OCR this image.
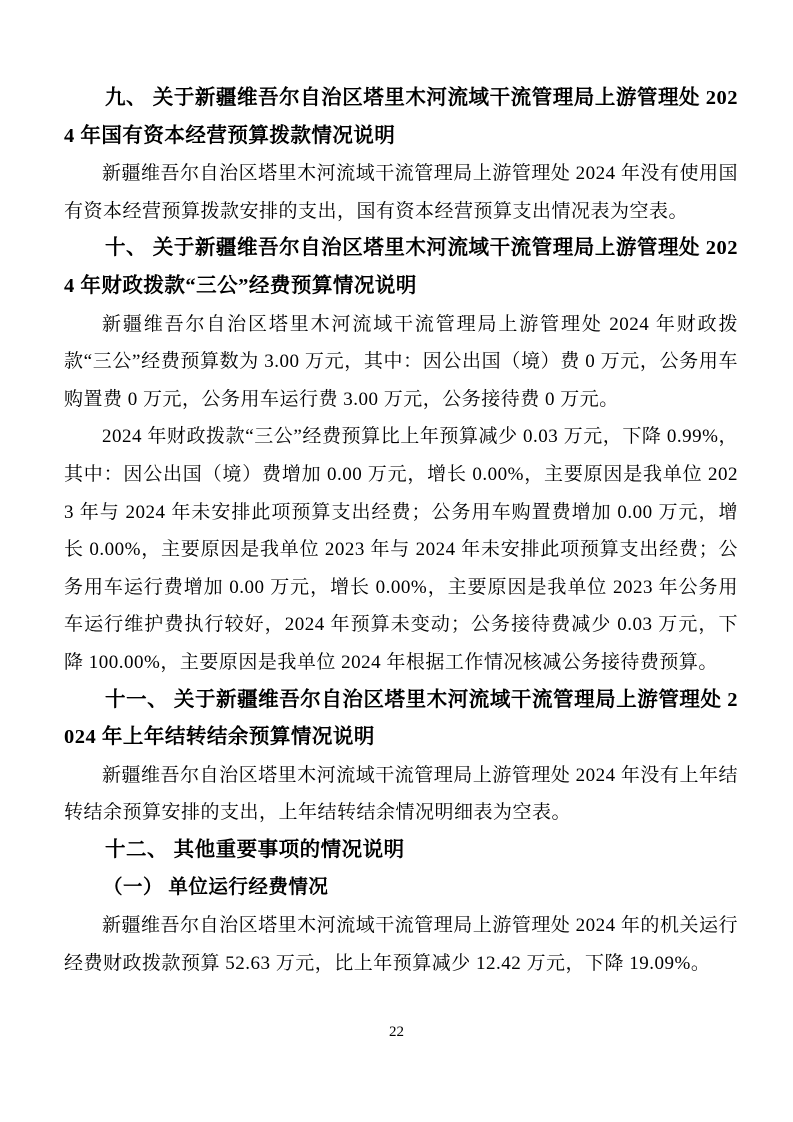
九、 关于新疆维吾尔自治区塔里木河流域干流管理局上游管理处 2024 年国有资本经营预算拨款情况说明

新疆维吾尔自治区塔里木河流域干流管理局上游管理处 2024 年没有使用国有资本经营预算拨款安排的支出，国有资本经营预算支出情况表为空表。

十、 关于新疆维吾尔自治区塔里木河流域干流管理局上游管理处 2024 年财政拨款“三公”经费预算情况说明

新疆维吾尔自治区塔里木河流域干流管理局上游管理处 2024 年财政拨款“三公”经费预算数为 3.00 万元，其中：因公出国（境）费 0 万元，公务用车购置费 0 万元，公务用车运行费 3.00 万元，公务接待费 0 万元。

2024 年财政拨款“三公”经费预算比上年预算减少 0.03 万元，下降 0.99%，其中：因公出国（境）费增加 0.00 万元，增长 0.00%，主要原因是我单位 2023 年与 2024 年未安排此项预算支出经费；公务用车购置费增加 0.00 万元，增长 0.00%，主要原因是我单位 2023 年与 2024 年未安排此项预算支出经费；公务用车运行费增加 0.00 万元，增长 0.00%，主要原因是我单位 2023 年公务用车运行维护费执行较好，2024 年预算未变动；公务接待费减少 0.03 万元，下降 100.00%，主要原因是我单位 2024 年根据工作情况核减公务接待费预算。

十一、 关于新疆维吾尔自治区塔里木河流域干流管理局上游管理处 2024 年上年结转结余预算情况说明

新疆维吾尔自治区塔里木河流域干流管理局上游管理处 2024 年没有上年结转结余预算安排的支出，上年结转结余情况明细表为空表。

十二、 其他重要事项的情况说明

（一） 单位运行经费情况

新疆维吾尔自治区塔里木河流域干流管理局上游管理处 2024 年的机关运行经费财政拨款预算 52.63 万元，比上年预算减少 12.42 万元，下降 19.09%。

22
